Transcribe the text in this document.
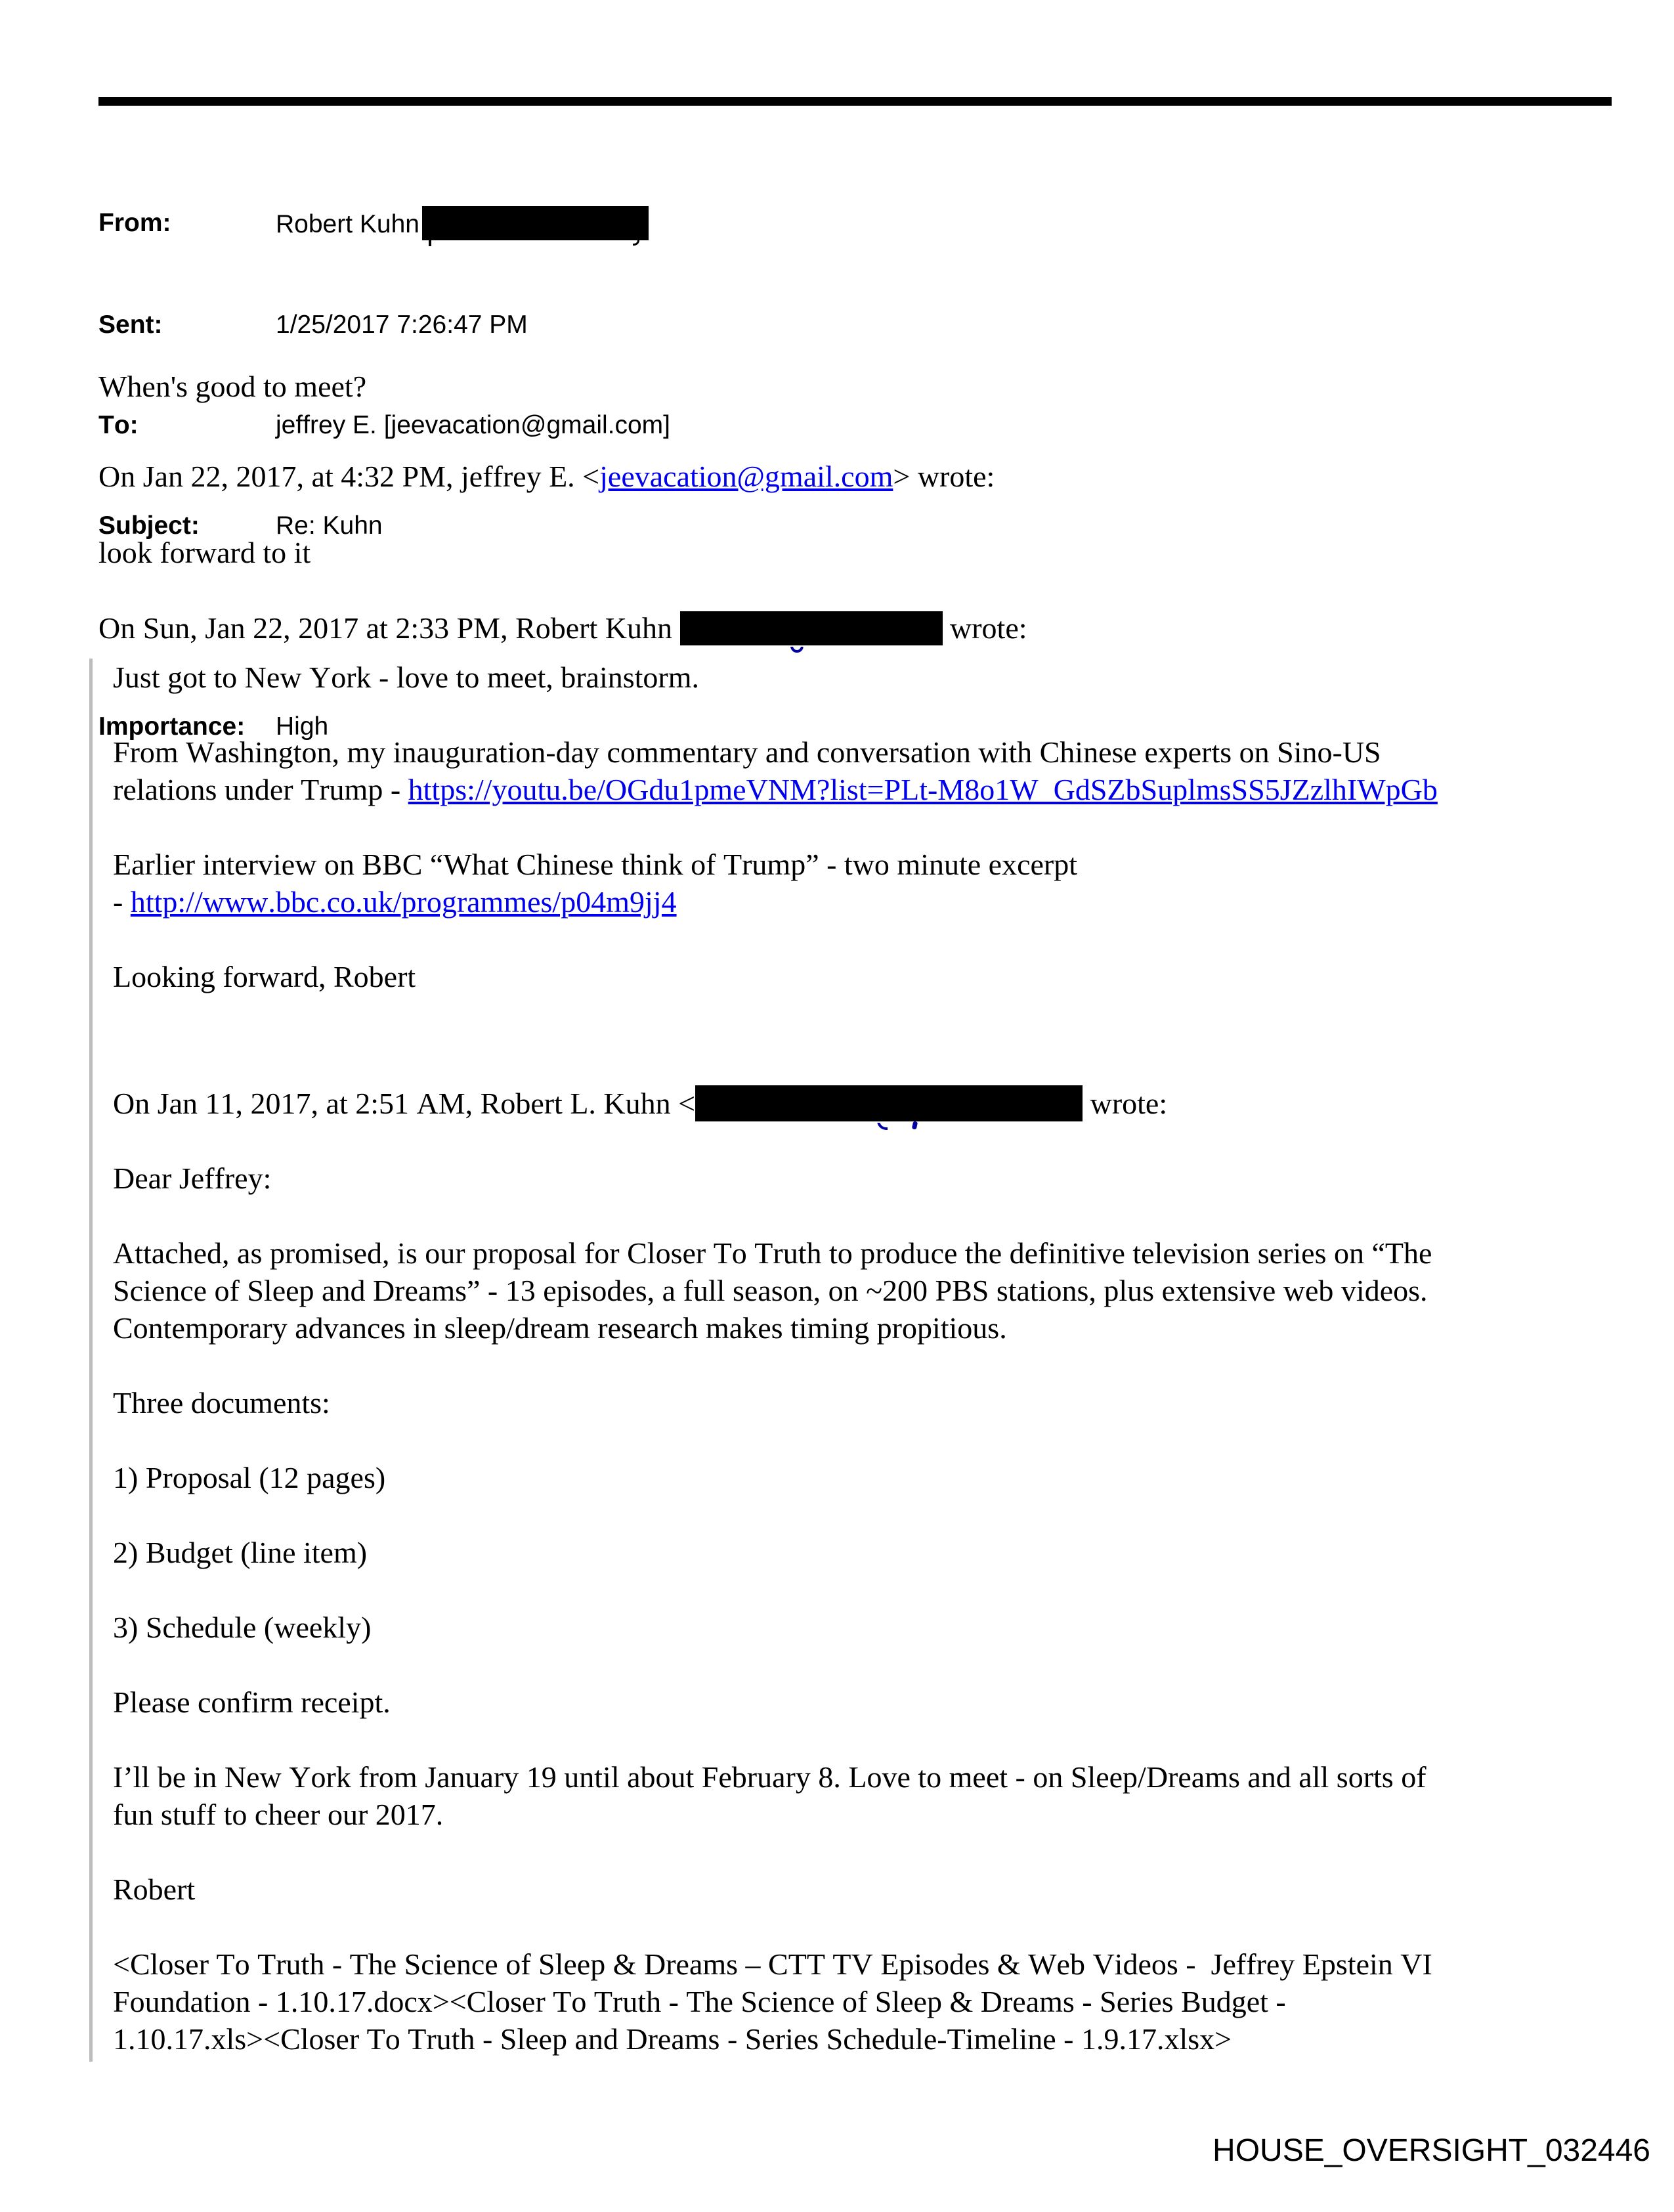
From:	Robert Kuhn

Sent:	1/25/2017 7:26:47 PM

To:	jeffrey E. [jeevacation@gmail.com]

Subject:	Re: Kuhn

Importance:	High

When's good to meet?
On Jan 22, 2017, at 4:32 PM, jeffrey E. <jeevacation@gmail.com> wrote:
look forward to it
On Sun, Jan 22, 2017 at 2:33 PM, Robert Kuhn	wrote:
Just got to New York - love to meet, brainstorm.
From Washington, my inauguration-day commentary and conversation with Chinese experts on Sino-US
relations under Trump - https://youtu.be/OGdu1pmeVNM?list=PLt-M8o1W_GdSZbSuplmsSS5JZzlhIWpGb
Earlier interview on BBC “What Chinese think of Trump” - two minute excerpt
- http://www.bbc.co.uk/programmes/p04m9jj4
Looking forward, Robert
On Jan 11, 2017, at 2:51 AM, Robert L. Kuhn <	wrote:
Dear Jeffrey:
Attached, as promised, is our proposal for Closer To Truth to produce the definitive television series on “The
Science of Sleep and Dreams” - 13 episodes, a full season, on ~200 PBS stations, plus extensive web videos.
Contemporary advances in sleep/dream research makes timing propitious.
Three documents:
1) Proposal (12 pages)
2) Budget (line item)
3) Schedule (weekly)
Please confirm receipt.
I’ll be in New York from January 19 until about February 8. Love to meet - on Sleep/Dreams and all sorts of
fun stuff to cheer our 2017.
Robert
<Closer To Truth - The Science of Sleep & Dreams – CTT TV Episodes & Web Videos -  Jeffrey Epstein VI
Foundation - 1.10.17.docx><Closer To Truth - The Science of Sleep & Dreams - Series Budget -
1.10.17.xls><Closer To Truth - Sleep and Dreams - Series Schedule-Timeline - 1.9.17.xlsx>
HOUSE_OVERSIGHT_032446
